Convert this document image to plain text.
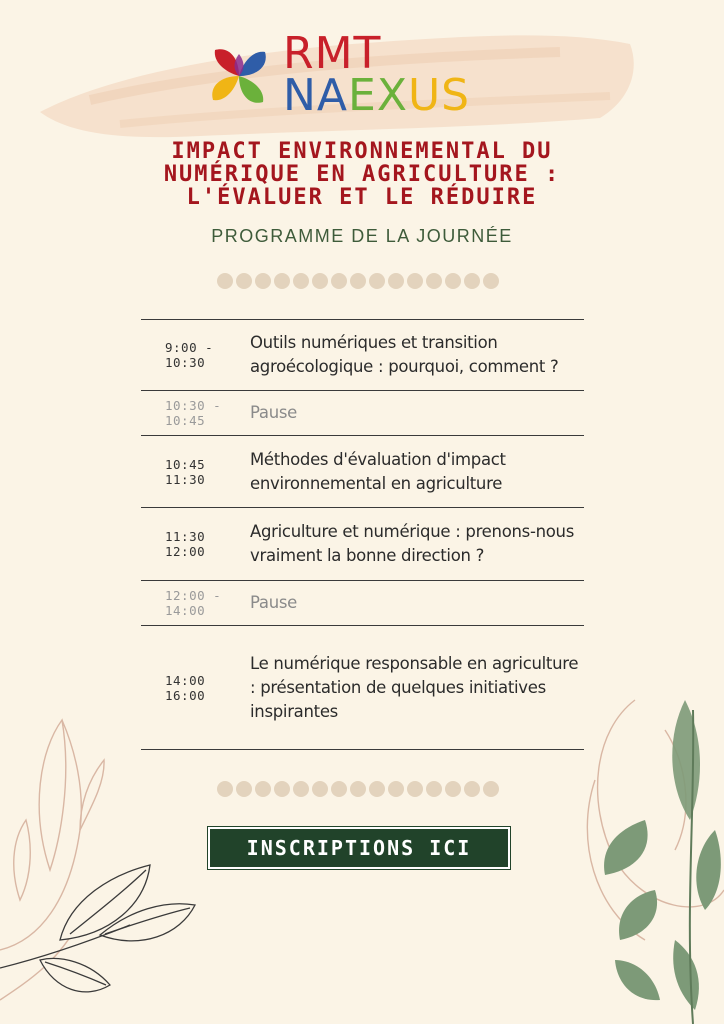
RMT
NAEXUS
IMPACT ENVIRONNEMENTAL DU NUMÉRIQUE EN AGRICULTURE : L'ÉVALUER ET LE RÉDUIRE
PROGRAMME DE LA JOURNÉE
9:00 - 10:30
Outils numériques et transition agroécologique : pourquoi, comment ?
10:30 - 10:45	Pause
10:45 11:30
Méthodes d'évaluation d'impact environnemental en agriculture
11:30 12:00
Agriculture et numérique : prenons-nous vraiment la bonne direction ?
12:00 - 14:00	Pause
14:00 16:00
Le numérique responsable en agriculture : présentation de quelques initiatives inspirantes
INSCRIPTIONS ICI
